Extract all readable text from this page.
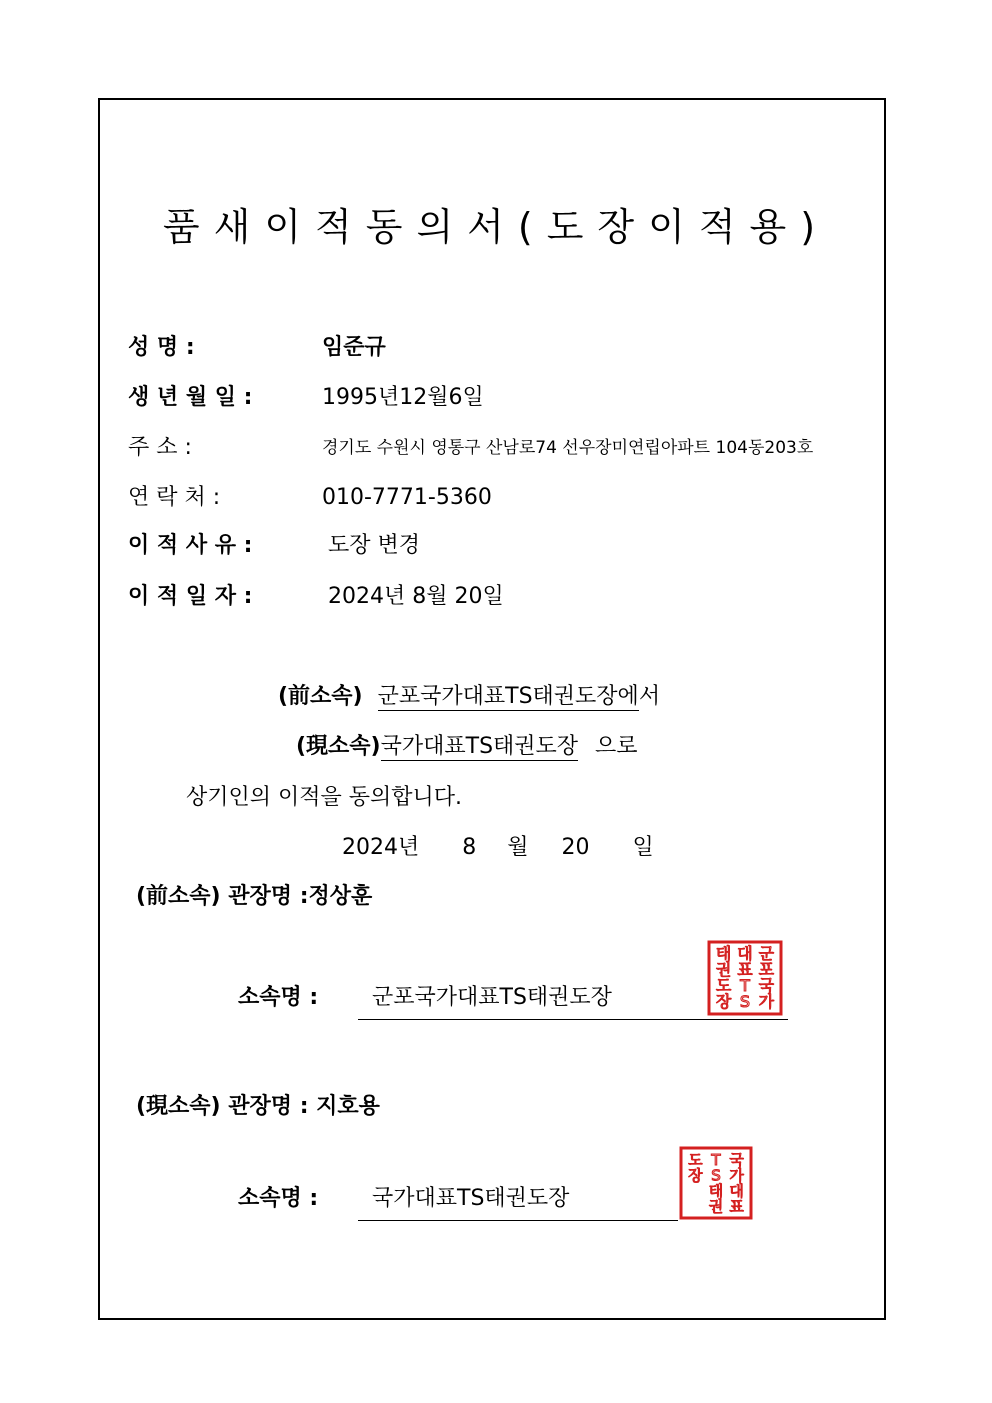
품새이적동의서(도장이적용)
성 명 :	임준규
생 년 월 일 :	1995년12월6일
주 소 :	경기도 수원시 영통구 산남로74 선우장미연립아파트 104동203호
연 락 처 :	010-7771-5360
이 적 사 유 :	도장 변경
이 적 일 자 :	2024년 8월 20일
(前소속) 군포국가대표TS태권도장에서
(現소속)국가대표TS태권도장 으로
상기인의 이적을 동의합니다.
2024년 8 월 20 일
(前소속) 관장명 :정상훈
소속명 : 군포국가대표TS태권도장
군
포
국
가
대
표
T
S
태
권
도
장
(現소속) 관장명 : 지호용
소속명 : 국가대표TS태권도장
국
가
대
표
T
S
태
권
도
장
